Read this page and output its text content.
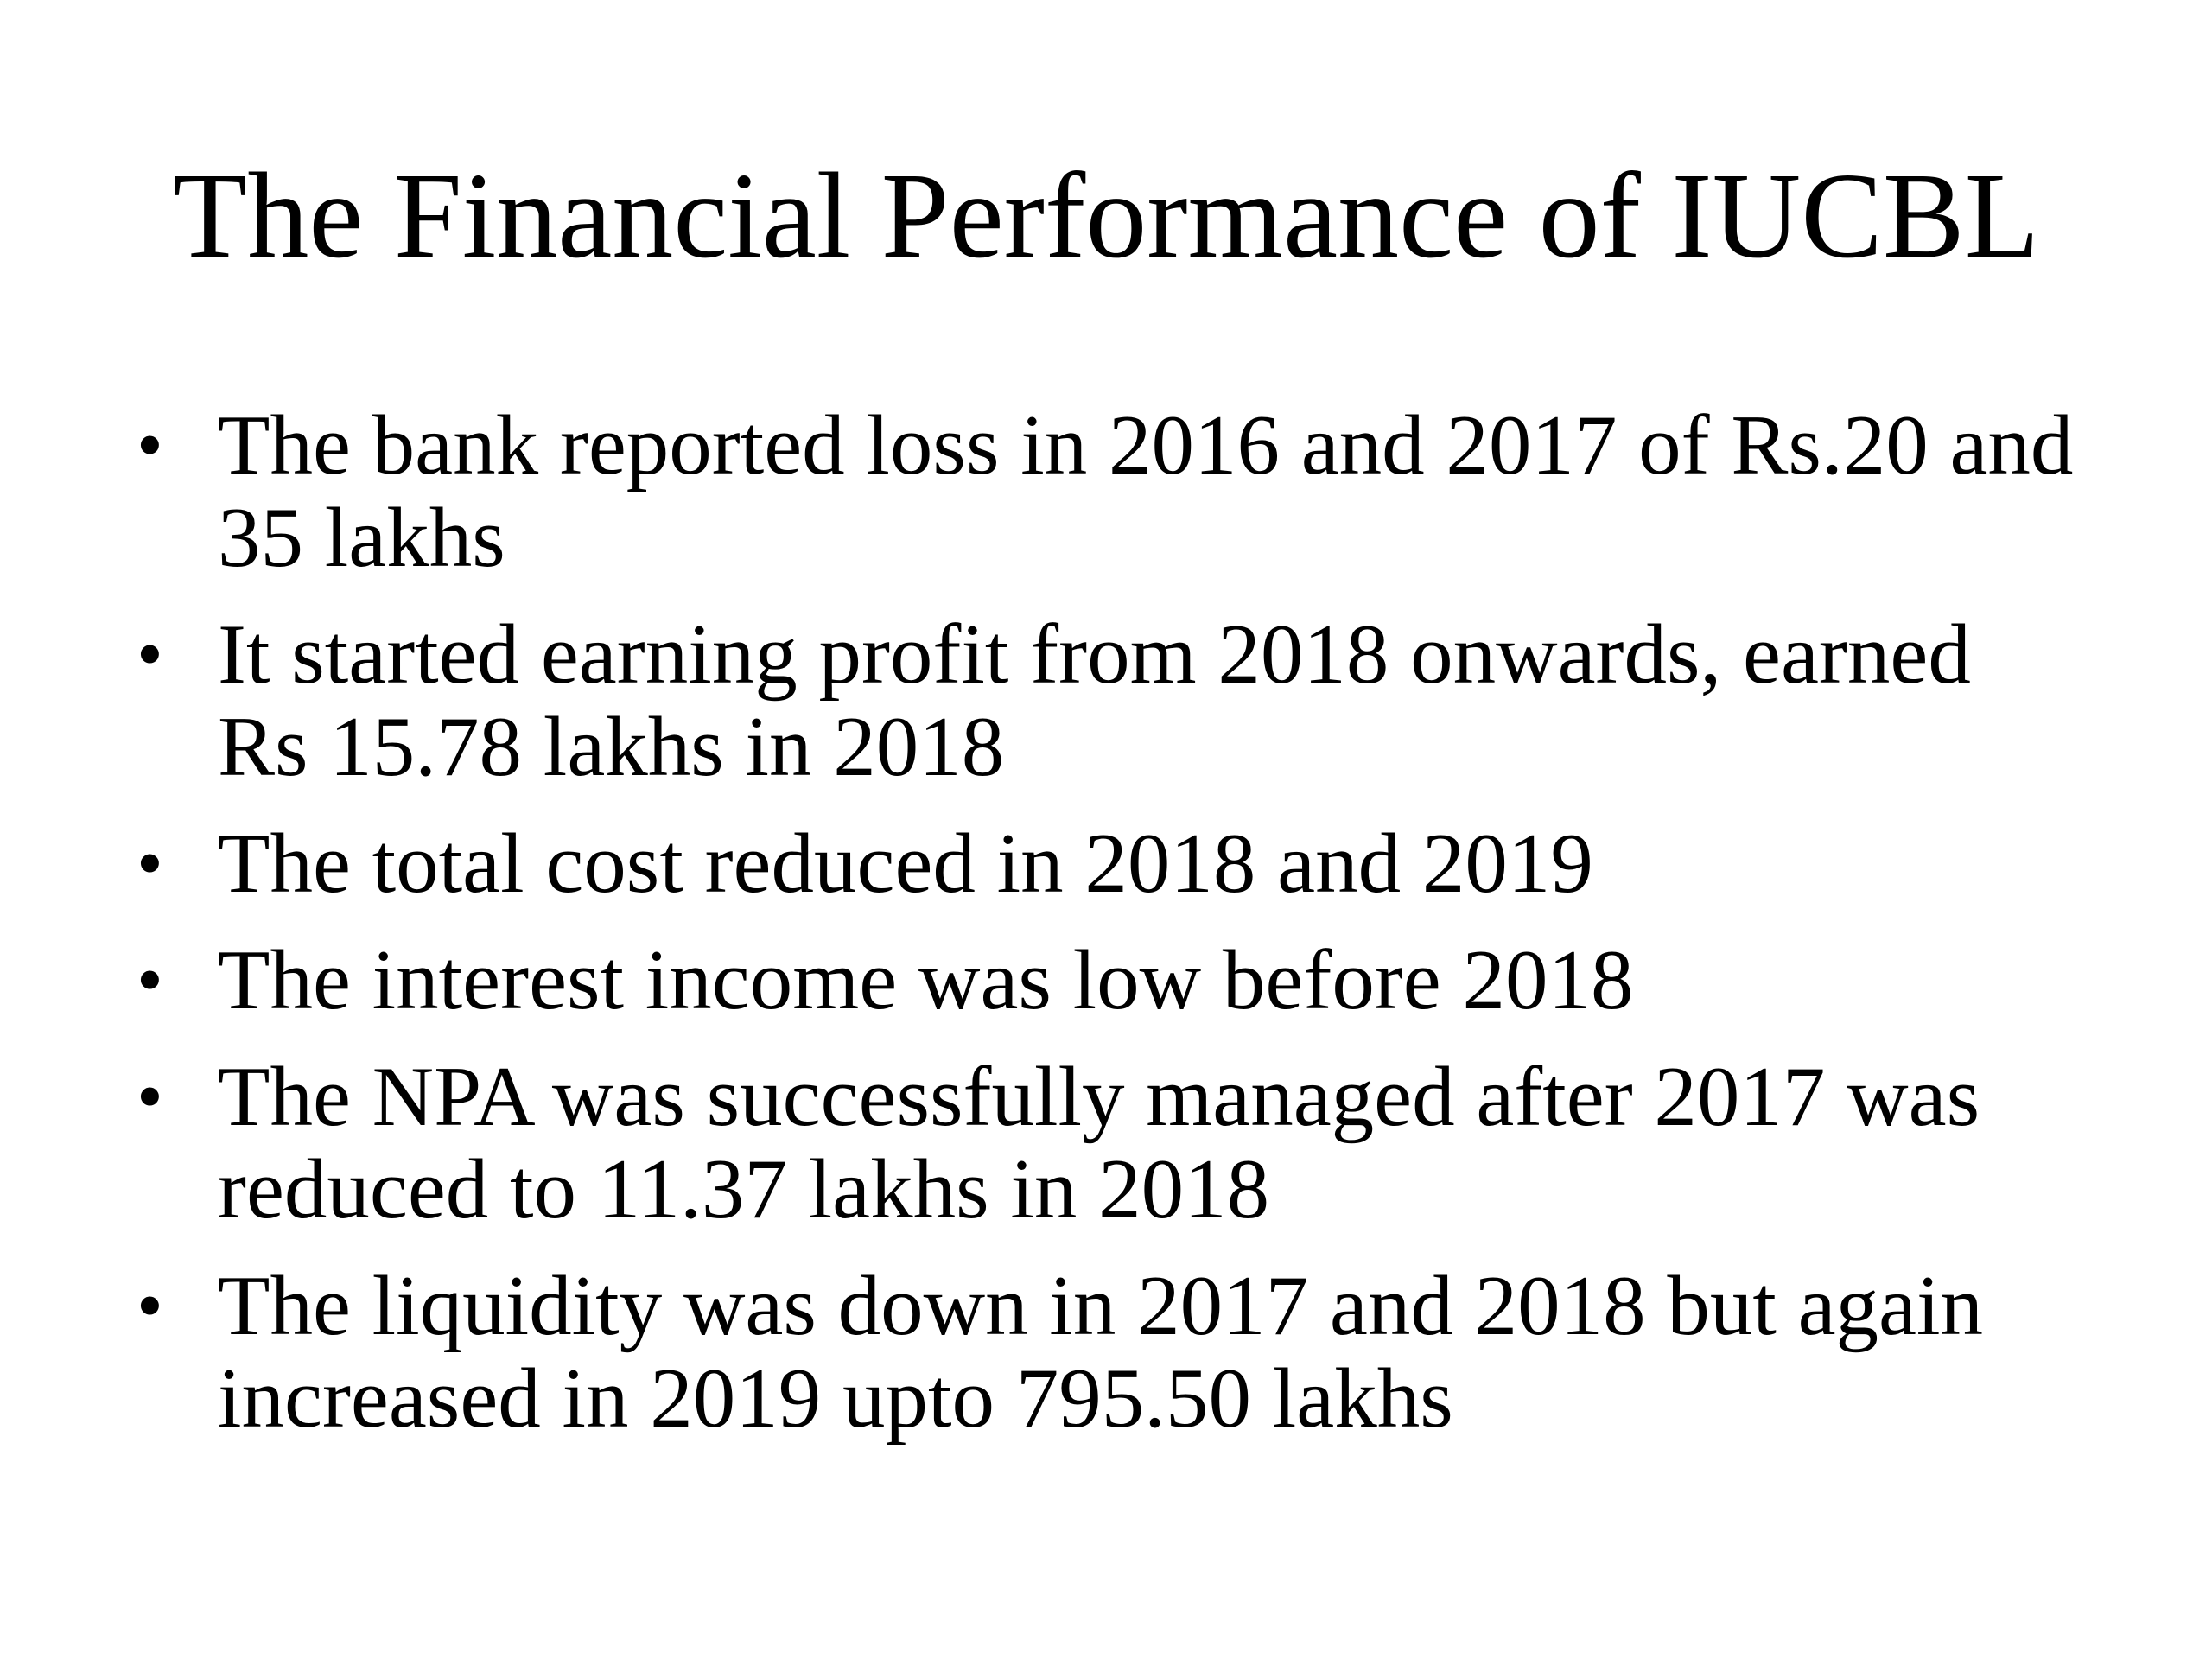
The Financial Performance of IUCBL
• The bank reported loss in 2016 and 2017 of Rs.20 and 35 lakhs
• It started earning profit from 2018 onwards, earned Rs 15.78 lakhs in 2018
• The total cost reduced in 2018 and 2019
• The interest income was low before 2018
• The NPA was successfully managed after 2017 was reduced to 11.37 lakhs in 2018
• The liquidity was down in 2017 and 2018 but again increased in 2019 upto 795.50 lakhs
